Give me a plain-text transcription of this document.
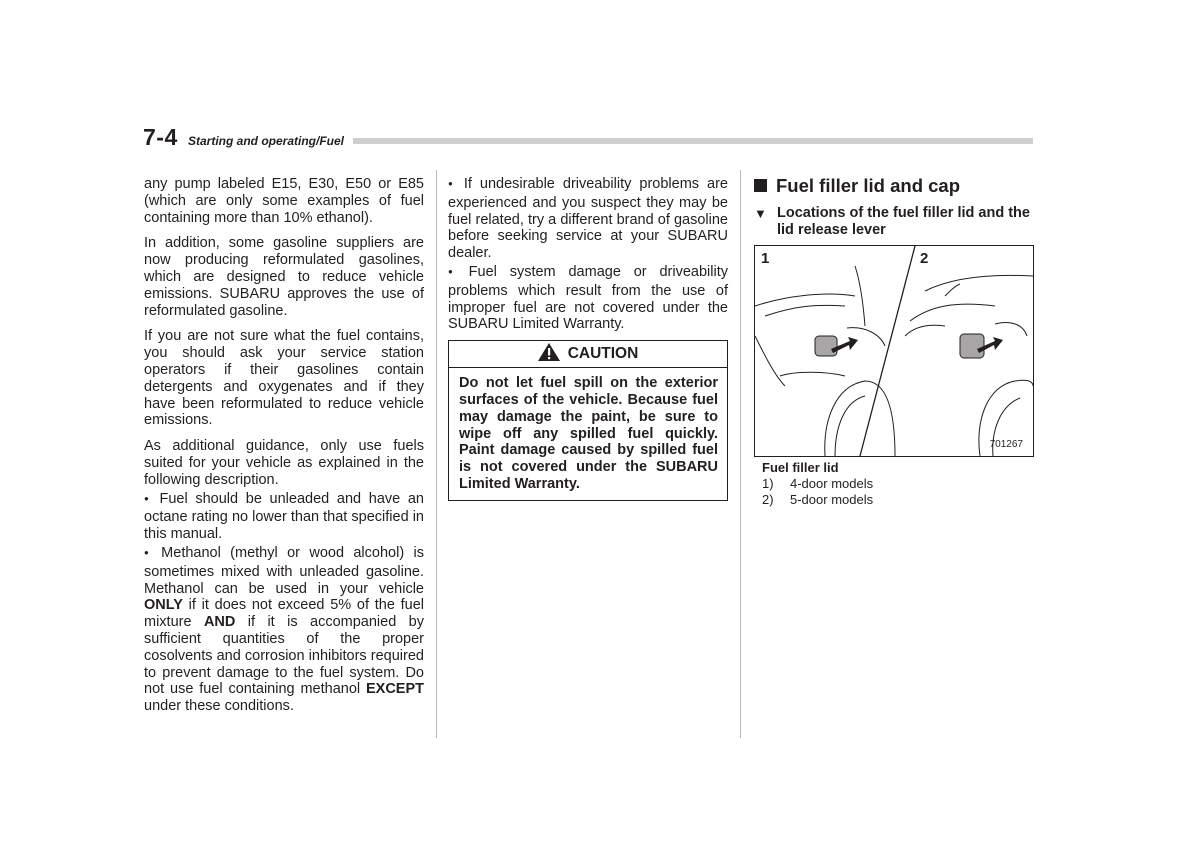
7-4 Starting and operating/Fuel

any pump labeled E15, E30, E50 or E85 (which are only some examples of fuel containing more than 10% ethanol).

In addition, some gasoline suppliers are now producing reformulated gasolines, which are designed to reduce vehicle emissions. SUBARU approves the use of reformulated gasoline.

If you are not sure what the fuel contains, you should ask your service station operators if their gasolines contain detergents and oxygenates and if they have been reformulated to reduce vehicle emissions.

As additional guidance, only use fuels suited for your vehicle as explained in the following description.

● Fuel should be unleaded and have an octane rating no lower than that specified in this manual.

● Methanol (methyl or wood alcohol) is sometimes mixed with unleaded gasoline. Methanol can be used in your vehicle ONLY if it does not exceed 5% of the fuel mixture AND if it is accompanied by sufficient quantities of the proper cosolvents and corrosion inhibitors required to prevent damage to the fuel system. Do not use fuel containing methanol EXCEPT under these conditions.

● If undesirable driveability problems are experienced and you suspect they may be fuel related, try a different brand of gasoline before seeking service at your SUBARU dealer.

● Fuel system damage or driveability problems which result from the use of improper fuel are not covered under the SUBARU Limited Warranty.

CAUTION
Do not let fuel spill on the exterior surfaces of the vehicle. Because fuel may damage the paint, be sure to wipe off any spilled fuel quickly. Paint damage caused by spilled fuel is not covered under the SUBARU Limited Warranty.
Fuel filler lid and cap
▼ Locations of the fuel filler lid and the lid release lever
1	2
701267
Fuel filler lid
1) 4-door models
2) 5-door models
